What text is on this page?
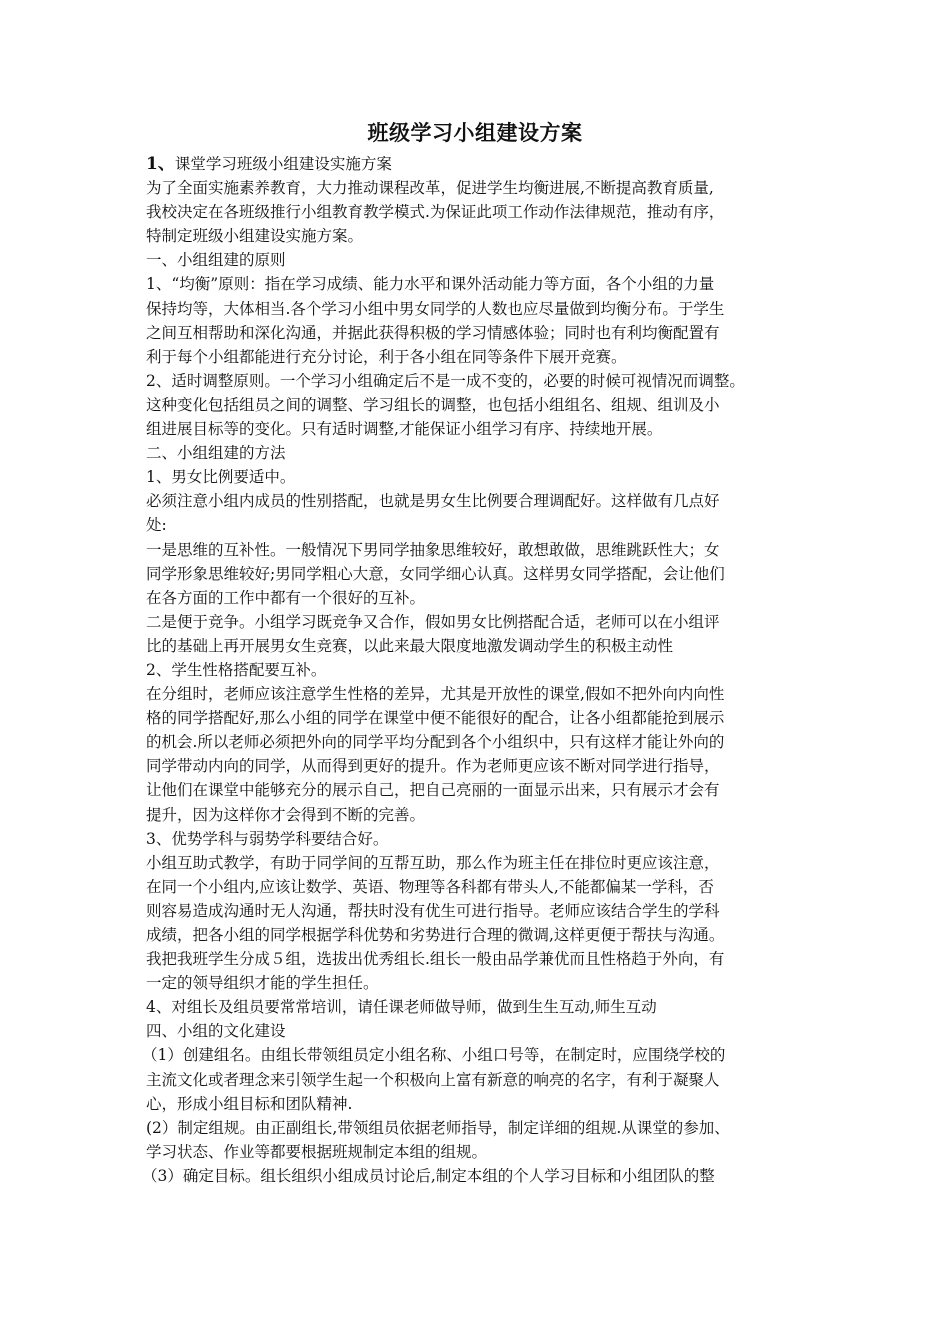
班级学习小组建设方案
1、课堂学习班级小组建设实施方案
为了全面实施素养教育，大力推动课程改革，促进学生均衡进展,不断提高教育质量,
我校决定在各班级推行小组教育教学模式.为保证此项工作动作法律规范，推动有序，
特制定班级小组建设实施方案。
一、小组组建的原则
1、“均衡”原则：指在学习成绩、能力水平和课外活动能力等方面，各个小组的力量
保持均等，大体相当.各个学习小组中男女同学的人数也应尽量做到均衡分布。于学生
之间互相帮助和深化沟通，并据此获得积极的学习情感体验；同时也有利均衡配置有
利于每个小组都能进行充分讨论，利于各小组在同等条件下展开竞赛。
2、适时调整原则。一个学习小组确定后不是一成不变的，必要的时候可视情况而调整。
这种变化包括组员之间的调整、学习组长的调整，也包括小组组名、组规、组训及小
组进展目标等的变化。只有适时调整,才能保证小组学习有序、持续地开展。
二、小组组建的方法
1、男女比例要适中。
必须注意小组内成员的性别搭配，也就是男女生比例要合理调配好。这样做有几点好
处:
一是思维的互补性。一般情况下男同学抽象思维较好，敢想敢做，思维跳跃性大；女
同学形象思维较好;男同学粗心大意，女同学细心认真。这样男女同学搭配，会让他们
在各方面的工作中都有一个很好的互补。
二是便于竞争。小组学习既竞争又合作，假如男女比例搭配合适，老师可以在小组评
比的基础上再开展男女生竞赛，以此来最大限度地激发调动学生的积极主动性
2、学生性格搭配要互补。
在分组时，老师应该注意学生性格的差异，尤其是开放性的课堂,假如不把外向内向性
格的同学搭配好,那么小组的同学在课堂中便不能很好的配合，让各小组都能抢到展示
的机会.所以老师必须把外向的同学平均分配到各个小组织中，只有这样才能让外向的
同学带动内向的同学，从而得到更好的提升。作为老师更应该不断对同学进行指导，
让他们在课堂中能够充分的展示自己，把自己亮丽的一面显示出来，只有展示才会有
提升，因为这样你才会得到不断的完善。
3、优势学科与弱势学科要结合好。
小组互助式教学，有助于同学间的互帮互助，那么作为班主任在排位时更应该注意，
在同一个小组内,应该让数学、英语、物理等各科都有带头人,不能都偏某一学科，否
则容易造成沟通时无人沟通，帮扶时没有优生可进行指导。老师应该结合学生的学科
成绩，把各小组的同学根据学科优势和劣势进行合理的微调,这样更便于帮扶与沟通。
我把我班学生分成５组，选拔出优秀组长.组长一般由品学兼优而且性格趋于外向，有
一定的领导组织才能的学生担任。
4、对组长及组员要常常培训，请任课老师做导师，做到生生互动,师生互动
四、小组的文化建设
（1）创建组名。由组长带领组员定小组名称、小组口号等，在制定时，应围绕学校的
主流文化或者理念来引领学生起一个积极向上富有新意的响亮的名字，有利于凝聚人
心，形成小组目标和团队精神.
(2）制定组规。由正副组长,带领组员依据老师指导，制定详细的组规.从课堂的参加、
学习状态、作业等都要根据班规制定本组的组规。
（3）确定目标。组长组织小组成员讨论后,制定本组的个人学习目标和小组团队的整
